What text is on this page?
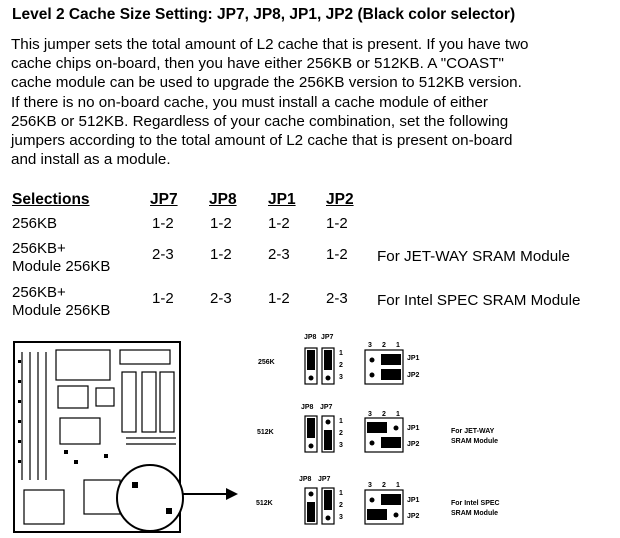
Level 2 Cache Size Setting: JP7, JP8, JP1, JP2 (Black color selector)
This jumper sets the total amount of L2 cache that is present. If you have two
cache chips on-board, then you have either 256KB or 512KB. A "COAST"
cache module can be used to upgrade the 256KB version to 512KB version.
If there is no on-board cache, you must install a cache module of either
256KB or 512KB. Regardless of your cache combination, set the following
jumpers according to the total amount of L2 cache that is present on-board
and install as a module.
Selections	JP7 JP8 JP1 JP2
256KB	1-2 1-2 1-2 1-2
256KB+
Module 256KB
2-3 1-2 2-3 1-2 For JET-WAY SRAM Module
256KB+
Module 256KB
1-2 2-3 1-2 2-3 For Intel SPEC SRAM Module
JP8 JP7
256K
3 2 1
1
2
3
JP1
JP2
JP8 JP7
512K
3 2 1
1
2
3
JP1
JP2
For JET-WAY
SRAM Module
JP8 JP7
512K
3 2 1
1
2
3
JP1
JP2
For Intel SPEC
SRAM Module
